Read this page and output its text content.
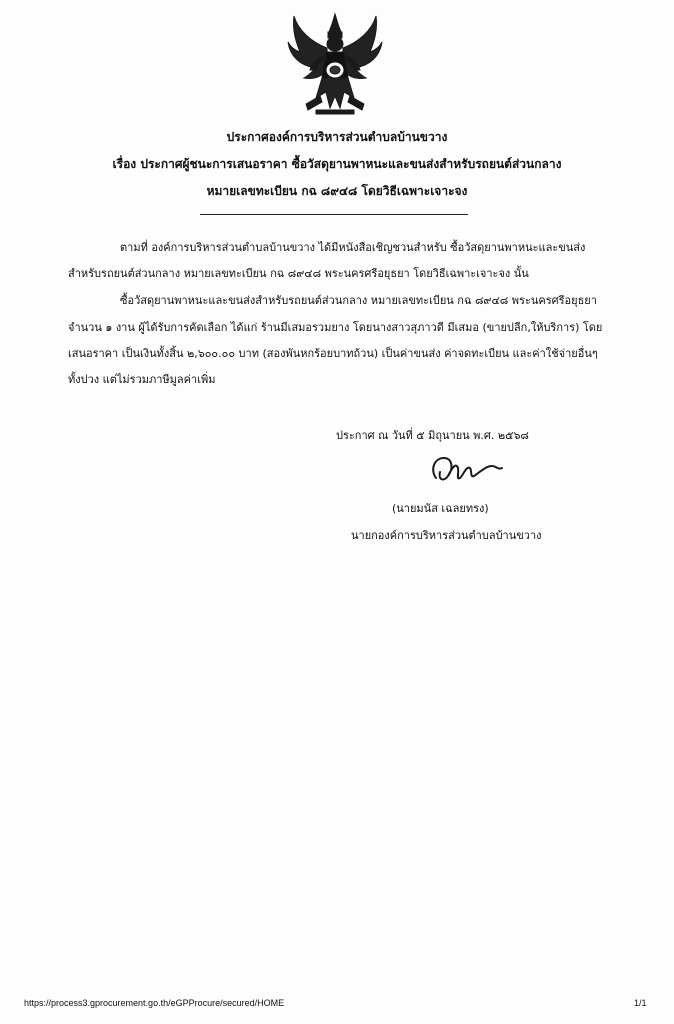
ประกาศองค์การบริหารส่วนตำบลบ้านขวาง
เรื่อง ประกาศผู้ชนะการเสนอราคา ซื้อวัสดุยานพาหนะและขนส่งสำหรับรถยนต์ส่วนกลาง
หมายเลขทะเบียน กฉ ๘๙๔๘ โดยวิธีเฉพาะเจาะจง
ตามที่ องค์การบริหารส่วนตำบลบ้านขวาง ได้มีหนังสือเชิญชวนสำหรับ ซื้อวัสดุยานพาหนะและขนส่ง
สำหรับรถยนต์ส่วนกลาง หมายเลขทะเบียน กฉ ๘๙๔๘ พระนครศรีอยุธยา โดยวิธีเฉพาะเจาะจง นั้น
ซื้อวัสดุยานพาหนะและขนส่งสำหรับรถยนต์ส่วนกลาง หมายเลขทะเบียน กฉ ๘๙๔๘ พระนครศรีอยุธยา
จำนวน ๑ งาน ผู้ได้รับการคัดเลือก ได้แก่ ร้านมีเสมอรวมยาง โดยนางสาวสุภาวดี มีเสมอ (ขายปลีก,ให้บริการ) โดย
เสนอราคา เป็นเงินทั้งสิ้น ๒,๖๐๐.๐๐ บาท (สองพันหกร้อยบาทถ้วน) เป็นค่าขนส่ง ค่าจดทะเบียน และค่าใช้จ่ายอื่นๆ
ทั้งปวง แต่ไม่รวมภาษีมูลค่าเพิ่ม
ประกาศ ณ วันที่ ๕ มิถุนายน พ.ศ. ๒๕๖๘
(นายมนัส เฉลยทรง)
นายกองค์การบริหารส่วนตำบลบ้านขวาง
https://process3.gprocurement.go.th/eGPProcure/secured/HOME	1/1
